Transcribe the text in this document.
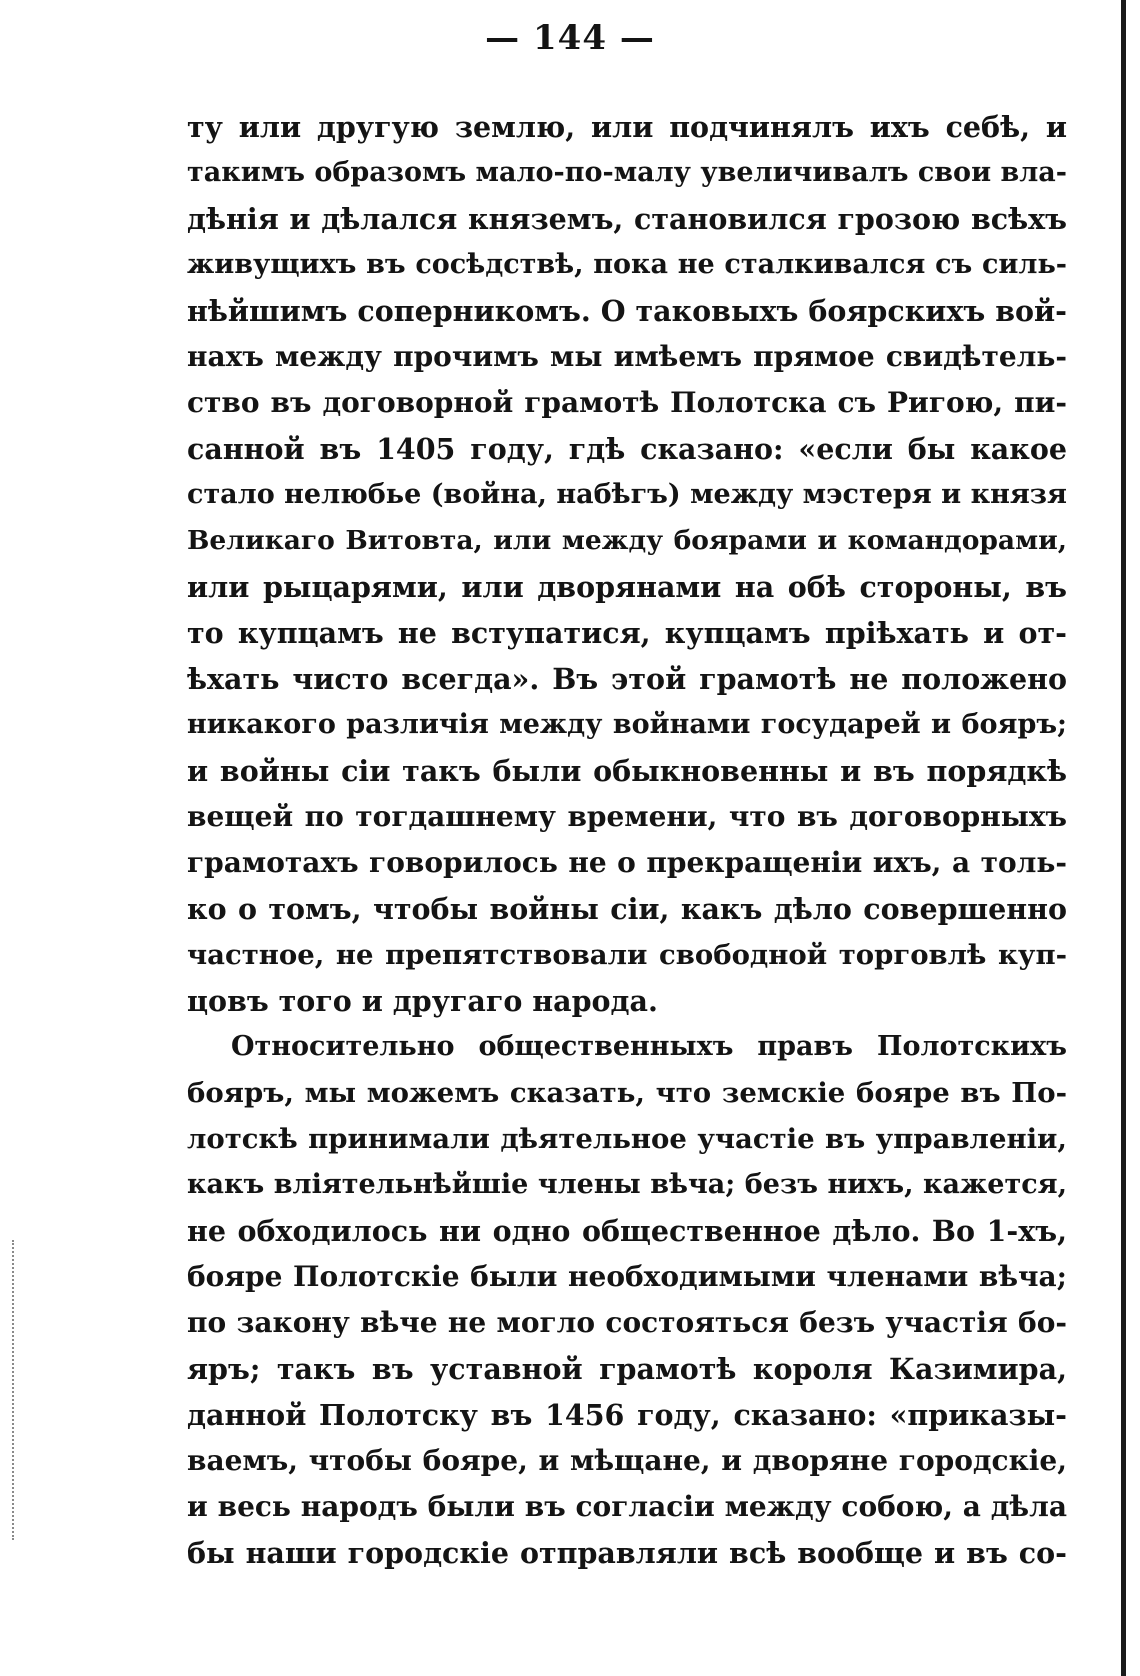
— 144 —
ту или другую землю, или подчинялъ ихъ себѣ, и
такимъ образомъ мало-по-малу увеличивалъ свои вла-
дѣнія и дѣлался княземъ, становился грозою всѣхъ
живущихъ въ сосѣдствѣ, пока не сталкивался съ силь-
нѣйшимъ соперникомъ. О таковыхъ боярскихъ вой-
нахъ между прочимъ мы имѣемъ прямое свидѣтель-
ство въ договорной грамотѣ Полотска съ Ригою, пи-
санной въ 1405 году, гдѣ сказано: «если бы какое
стало нелюбье (война, набѣгъ) между мэстеря и князя
Великаго Витовта, или между боярами и командорами,
или рыцарями, или дворянами на обѣ стороны, въ
то купцамъ не вступатися, купцамъ пріѣхать и от-
ѣхать чисто всегда». Въ этой грамотѣ не положено
никакого различія между войнами государей и бояръ;
и войны сіи такъ были обыкновенны и въ порядкѣ
вещей по тогдашнему времени, что въ договорныхъ
грамотахъ говорилось не о прекращеніи ихъ, а толь-
ко о томъ, чтобы войны сіи, какъ дѣло совершенно
частное, не препятствовали свободной торговлѣ куп-
цовъ того и другаго народа.
Относительно общественныхъ правъ Полотскихъ
бояръ, мы можемъ сказать, что земскіе бояре въ По-
лотскѣ принимали дѣятельное участіе въ управленіи,
какъ вліятельнѣйшіе члены вѣча; безъ нихъ, кажется,
не обходилось ни одно общественное дѣло. Во 1-хъ,
бояре Полотскіе были необходимыми членами вѣча;
по закону вѣче не могло состояться безъ участія бо-
яръ; такъ въ уставной грамотѣ короля Казимира,
данной Полотску въ 1456 году, сказано: «приказы-
ваемъ, чтобы бояре, и мѣщане, и дворяне городскіе,
и весь народъ были въ согласіи между собою, а дѣла
бы наши городскіе отправляли всѣ вообще и въ со-
